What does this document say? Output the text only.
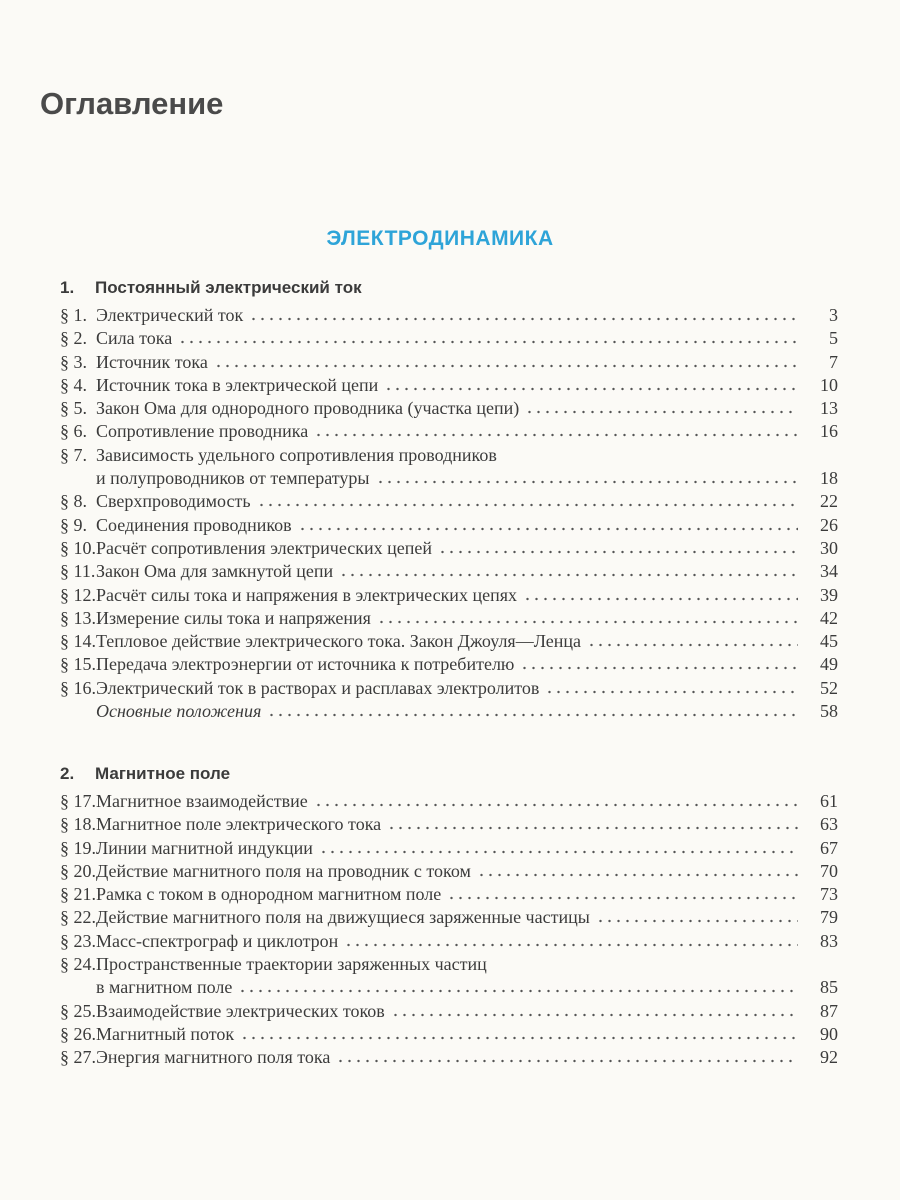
Оглавление
ЭЛЕКТРОДИНАМИКА
1.	Постоянный электрический ток
§ 1. Электрический ток	3
§ 2. Сила тока	5
§ 3. Источник тока	7
§ 4. Источник тока в электрической цепи	10
§ 5. Закон Ома для однородного проводника (участка цепи)	13
§ 6. Сопротивление проводника	16
§ 7. Зависимость удельного сопротивления проводников
и полупроводников от температуры	18
§ 8. Сверхпроводимость	22
§ 9. Соединения проводников	26
§ 10. Расчёт сопротивления электрических цепей	30
§ 11. Закон Ома для замкнутой цепи	34
§ 12. Расчёт силы тока и напряжения в электрических цепях	39
§ 13. Измерение силы тока и напряжения	42
§ 14. Тепловое действие электрического тока. Закон Джоуля—Ленца	45
§ 15. Передача электроэнергии от источника к потребителю	49
§ 16. Электрический ток в растворах и расплавах электролитов	52
Основные положения	58
2.	Магнитное поле
§ 17. Магнитное взаимодействие	61
§ 18. Магнитное поле электрического тока	63
§ 19. Линии магнитной индукции	67
§ 20. Действие магнитного поля на проводник с током	70
§ 21. Рамка с током в однородном магнитном поле	73
§ 22. Действие магнитного поля на движущиеся заряженные частицы	79
§ 23. Масс-спектрограф и циклотрон	83
§ 24. Пространственные траектории заряженных частиц
в магнитном поле	85
§ 25. Взаимодействие электрических токов	87
§ 26. Магнитный поток	90
§ 27. Энергия магнитного поля тока	92
